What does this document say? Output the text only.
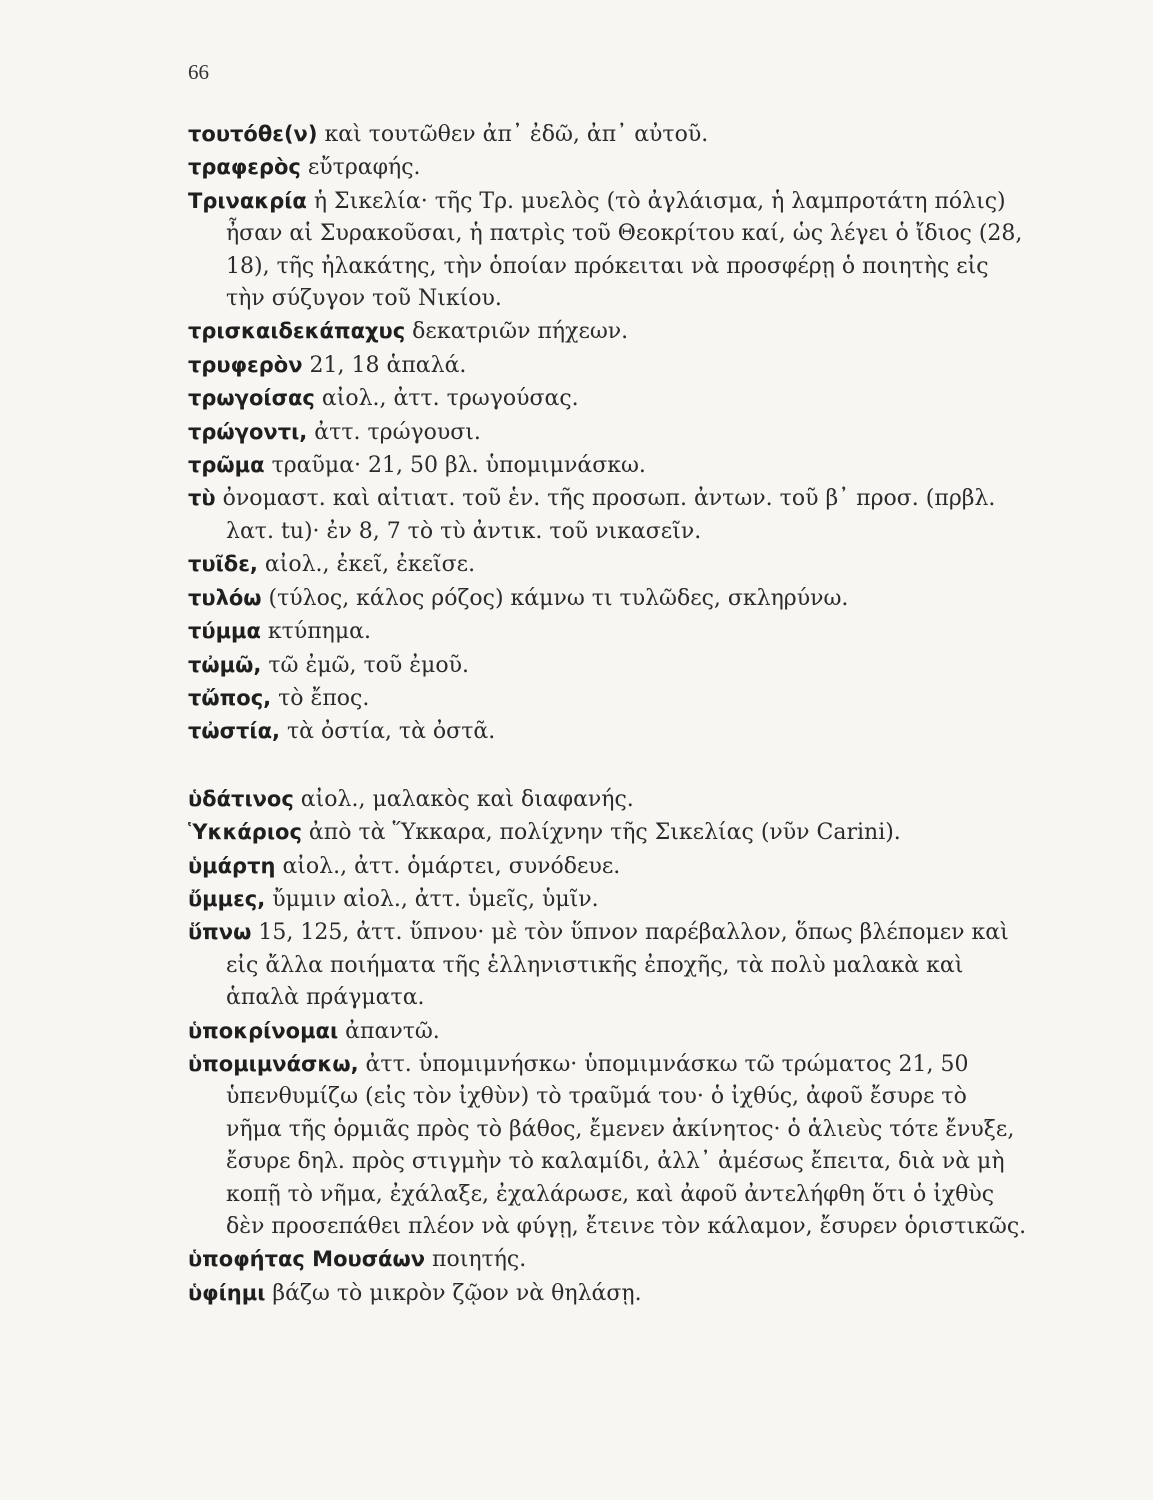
66

τουτόθε(ν) καὶ τουτῶθεν ἀπ᾽ ἐδῶ, ἀπ᾽ αὐτοῦ.

τραφερὸς εὔτραφής.

Τρινακρία ἡ Σικελία· τῆς Τρ. μυελὸς (τὸ ἀγλάισμα, ἡ λαμπροτάτη πόλις) ἦσαν αἱ Συρακοῦσαι, ἡ πατρὶς τοῦ Θεοκρίτου καί, ὡς λέγει ὁ ἴδιος (28, 18), τῆς ἠλακάτης, τὴν ὁποίαν πρόκειται νὰ προσφέρῃ ὁ ποιητὴς εἰς τὴν σύζυγον τοῦ Νικίου.

τρισκαιδεκάπαχυς δεκατριῶν πήχεων.

τρυφερὸν 21, 18 ἁπαλά.

τρωγοίσας αἰολ., ἀττ. τρωγούσας.

τρώγοντι, ἀττ. τρώγουσι.

τρῶμα τραῦμα· 21, 50 βλ. ὑπομιμνάσκω.

τὺ ὀνομαστ. καὶ αἰτιατ. τοῦ ἑν. τῆς προσωπ. ἀντων. τοῦ β᾽ προσ. (πρβλ. λατ. tu)· ἐν 8, 7 τὸ τὺ ἀντικ. τοῦ νικασεῖν.

τυῖδε, αἰολ., ἐκεῖ, ἐκεῖσε.

τυλόω (τύλος, κάλος ρόζος) κάμνω τι τυλῶδες, σκληρύνω.

τύμμα κτύπημα.

τὠμῶ, τῶ ἐμῶ, τοῦ ἐμοῦ.

τὤπος, τὸ ἔπος.

τὠστία, τὰ ὀστία, τὰ ὀστᾶ.

ὑδάτινος αἰολ., μαλακὸς καὶ διαφανής.

Ὑκκάριος ἀπὸ τὰ Ὕκκαρα, πολίχνην τῆς Σικελίας (νῦν Carini).

ὑμάρτη αἰολ., ἀττ. ὁμάρτει, συνόδευε.

ὔμμες, ὔμμιν αἰολ., ἀττ. ὑμεῖς, ὑμῖν.

ὕπνω 15, 125, ἀττ. ὕπνου· μὲ τὸν ὕπνον παρέβαλλον, ὅπως βλέπομεν καὶ εἰς ἄλλα ποιήματα τῆς ἑλληνιστικῆς ἐποχῆς, τὰ πολὺ μαλακὰ καὶ ἁπαλὰ πράγματα.

ὑποκρίνομαι ἀπαντῶ.

ὑπομιμνάσκω, ἀττ. ὑπομιμνήσκω· ὑπομιμνάσκω τῶ τρώματος 21, 50 ὑπενθυμίζω (εἰς τὸν ἰχθὺν) τὸ τραῦμά του· ὁ ἰχθύς, ἀφοῦ ἔσυρε τὸ νῆμα τῆς ὁρμιᾶς πρὸς τὸ βάθος, ἔμενεν ἀκίνητος· ὁ ἁλιεὺς τότε ἔνυξε, ἔσυρε δηλ. πρὸς στιγμὴν τὸ καλαμίδι, ἀλλ᾽ ἀμέσως ἔπειτα, διὰ νὰ μὴ κοπῇ τὸ νῆμα, ἐχάλαξε, ἐχαλάρωσε, καὶ ἀφοῦ ἀντελήφθη ὅτι ὁ ἰχθὺς δὲν προσεπάθει πλέον νὰ φύγῃ, ἔτεινε τὸν κάλαμον, ἔσυρεν ὁριστικῶς.

ὑποφήτας Μουσάων ποιητής.

ὑφίημι βάζω τὸ μικρὸν ζῷον νὰ θηλάσῃ.
